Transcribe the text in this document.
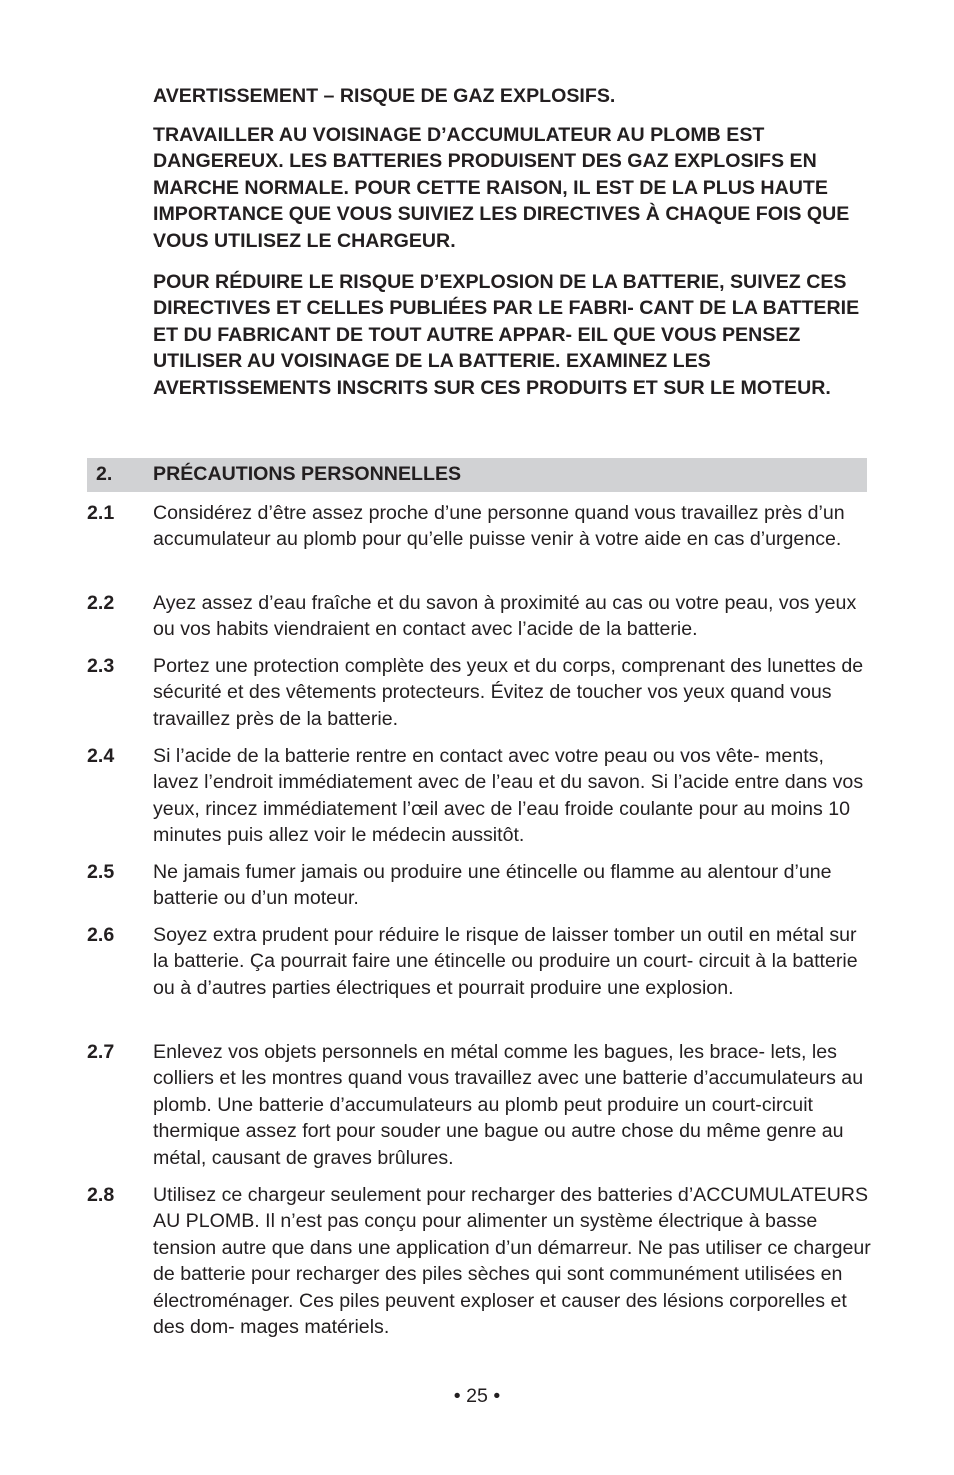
AVERTISSEMENT – RISQUE DE GAZ EXPLOSIFS.

TRAVAILLER AU VOISINAGE D’ACCUMULATEUR AU PLOMB EST DANGEREUX. LES BATTERIES PRODUISENT DES GAZ EXPLOSIFS EN MARCHE NORMALE. POUR CETTE RAISON, IL EST DE LA PLUS HAUTE IMPORTANCE QUE VOUS SUIVIEZ LES DIRECTIVES À CHAQUE FOIS QUE VOUS UTILISEZ LE CHARGEUR.

POUR RÉDUIRE LE RISQUE D’EXPLOSION DE LA BATTERIE, SUIVEZ CES DIRECTIVES ET CELLES PUBLIÉES PAR LE FABRI- CANT DE LA BATTERIE ET DU FABRICANT DE TOUT AUTRE APPAR- EIL QUE VOUS PENSEZ UTILISER AU VOISINAGE DE LA BATTERIE. EXAMINEZ LES AVERTISSEMENTS INSCRITS SUR CES PRODUITS ET SUR LE MOTEUR.

2. PRÉCAUTIONS PERSONNELLES
2.1 Considérez d’être assez proche d’une personne quand vous travaillez près d’un accumulateur au plomb pour qu’elle puisse venir à votre aide en cas d’urgence.
2.2 Ayez assez d’eau fraîche et du savon à proximité au cas ou votre peau, vos yeux ou vos habits viendraient en contact avec l’acide de la batterie.
2.3 Portez une protection complète des yeux et du corps, comprenant des lunettes de sécurité et des vêtements protecteurs. Évitez de toucher vos yeux quand vous travaillez près de la batterie.
2.4 Si l’acide de la batterie rentre en contact avec votre peau ou vos vête- ments, lavez l’endroit immédiatement avec de l’eau et du savon. Si l’acide entre dans vos yeux, rincez immédiatement l’œil avec de l’eau froide coulante pour au moins 10 minutes puis allez voir le médecin aussitôt.
2.5 Ne jamais fumer jamais ou produire une étincelle ou flamme au alentour d’une batterie ou d’un moteur.
2.6 Soyez extra prudent pour réduire le risque de laisser tomber un outil en métal sur la batterie. Ça pourrait faire une étincelle ou produire un court- circuit à la batterie ou à d’autres parties électriques et pourrait produire une explosion.
2.7 Enlevez vos objets personnels en métal comme les bagues, les brace- lets, les colliers et les montres quand vous travaillez avec une batterie d’accumulateurs au plomb. Une batterie d’accumulateurs au plomb peut produire un court-circuit thermique assez fort pour souder une bague ou autre chose du même genre au métal, causant de graves brûlures.
2.8 Utilisez ce chargeur seulement pour recharger des batteries d’ACCUMULATEURS AU PLOMB. Il n’est pas conçu pour alimenter un système électrique à basse tension autre que dans une application d’un démarreur. Ne pas utiliser ce chargeur de batterie pour recharger des piles sèches qui sont communément utilisées en électroménager. Ces piles peuvent exploser et causer des lésions corporelles et des dom- mages matériels.
• 25 •
